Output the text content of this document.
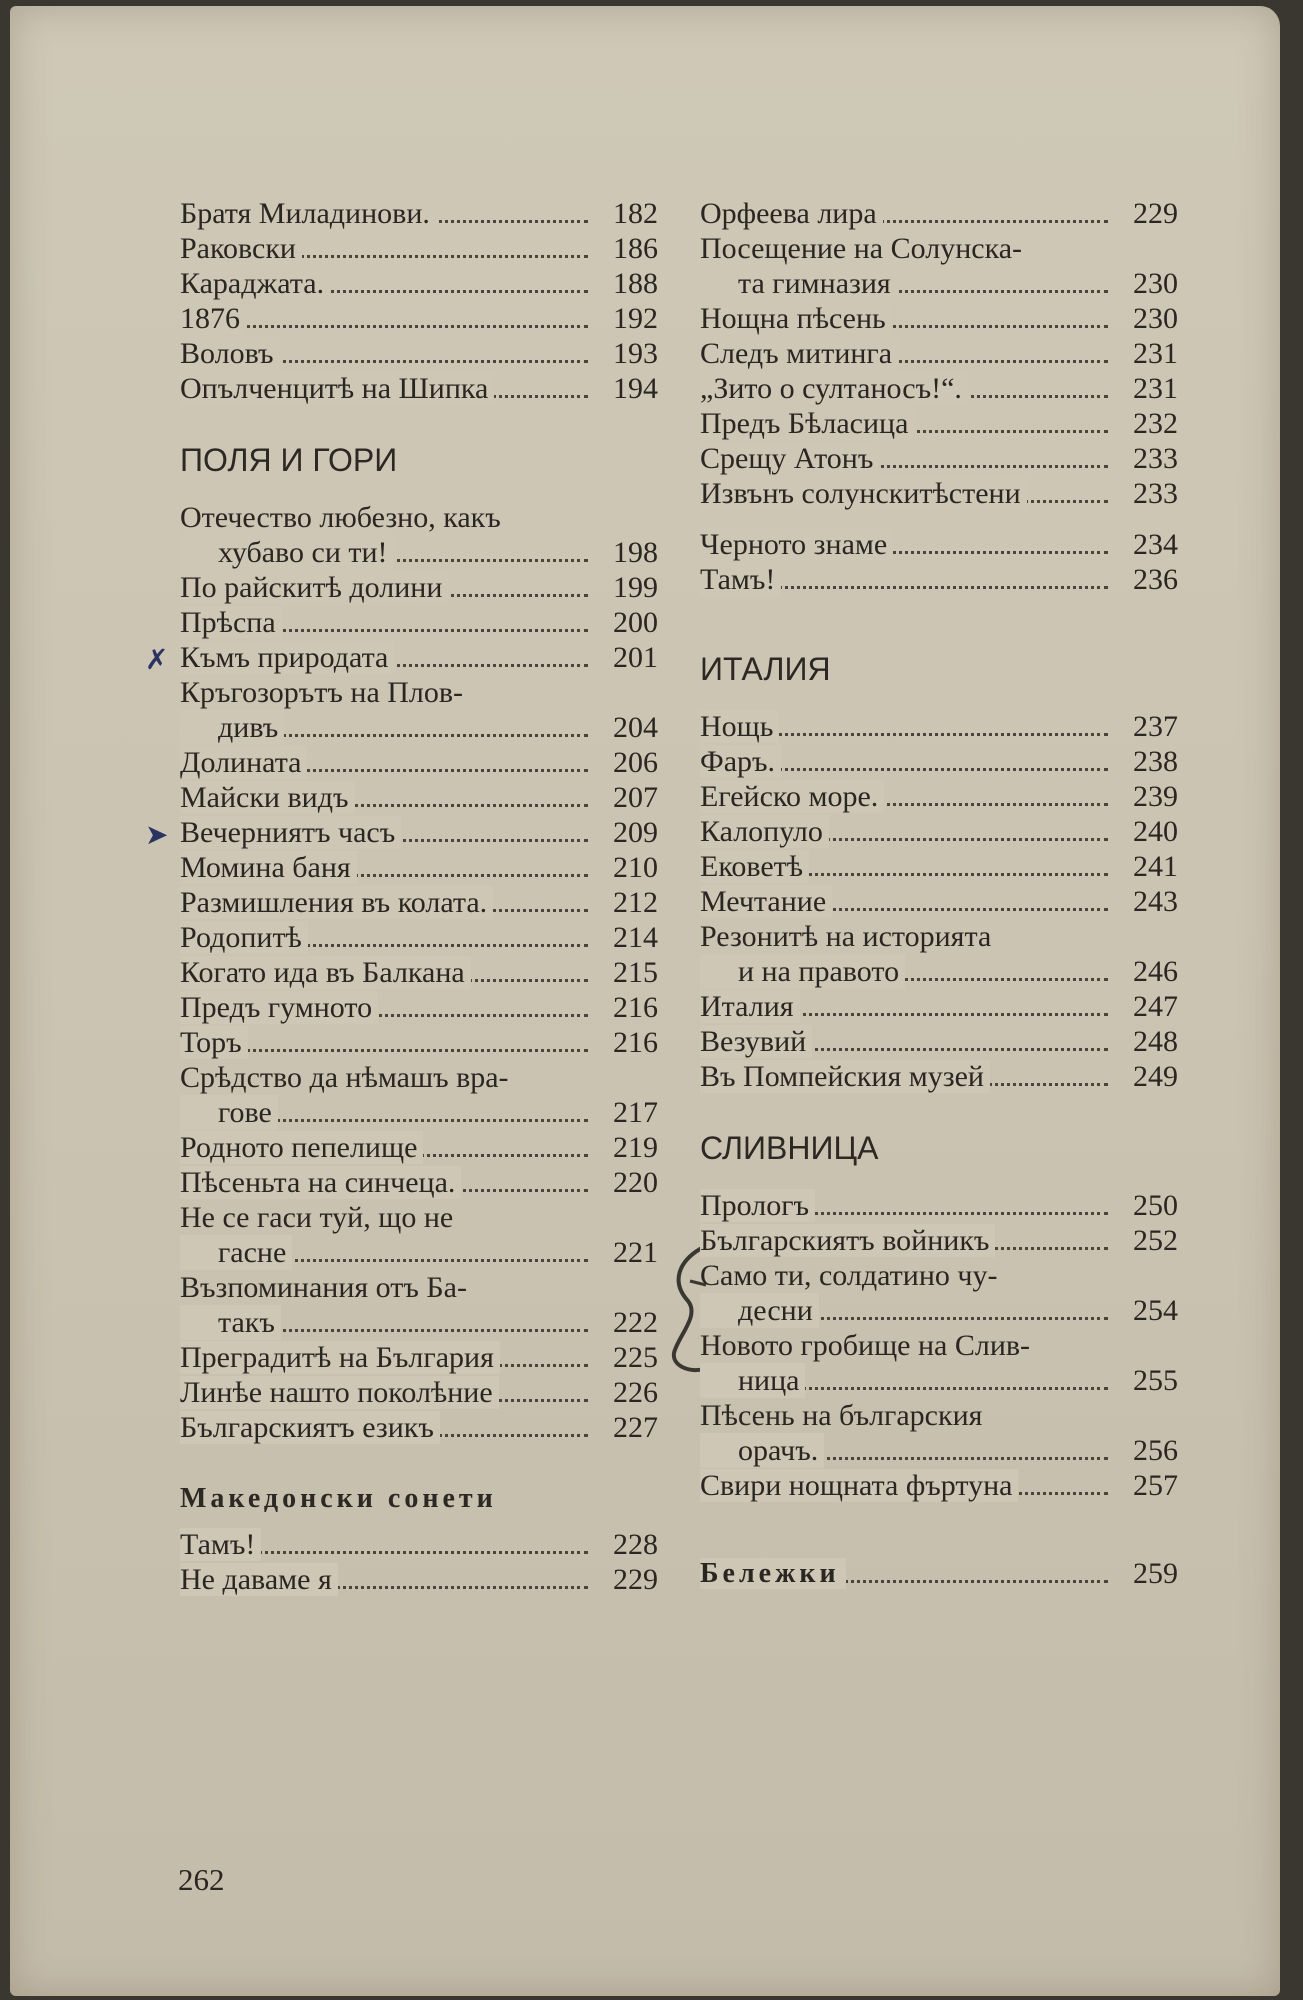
Братя Миладинови.	182
Раковски	186
Караджата.	188
1876	192
Воловъ	193
Опълченцитѣ на Шипка	194

ПОЛЯ И ГОРИ

Отечество любезно, какъ
хубаво си ти!	198
По райскитѣ долини	199
Прѣспа	200
Къмъ природата	201
Кръгозорътъ на Плов-
дивъ	204
Долината	206
Майски видъ	207
Вечерниятъ часъ	209
Момина баня	210
Размишления въ колата.	212
Родопитѣ	214
Когато ида въ Балкана	215
Предъ гумното	216
Торъ	216
Срѣдство да нѣмашъ вра-
гове	217
Родното пепелище	219
Пѣсеньта на синчеца.	220
Не се гаси туй, що не
гасне	221
Възпоминания отъ Ба-
такъ	222
Преградитѣ на България	225
Линѣе нашто поколѣние	226
Българскиятъ езикъ	227

Македонски сонети

Тамъ!	228
Не даваме я	229
Орфеева лира	229
Посещение на Солунска-
та гимназия	230
Нощна пѣсень	230
Следъ митинга	231
„Зито о султаносъ!“.	231
Предъ Бѣласица	232
Срещу Атонъ	233
Извънъ солунскитѣстени	233
Черното знаме	234
Тамъ!	236

ИТАЛИЯ

Нощь	237
Фаръ.	238
Егейско море.	239
Калопуло	240
Ековетѣ	241
Мечтание	243
Резонитѣ на историята
и на правото	246
Италия	247
Везувий	248
Въ Помпейския музей	249

СЛИВНИЦА

Прологъ	250
Българскиятъ войникъ	252
Само ти, солдатино чу-
десни	254
Новото гробище на Слив-
ница	255
Пѣсень на българския
орачъ.	256
Свири нощната фъртуна	257
Бележки	259
✗
➤
262
